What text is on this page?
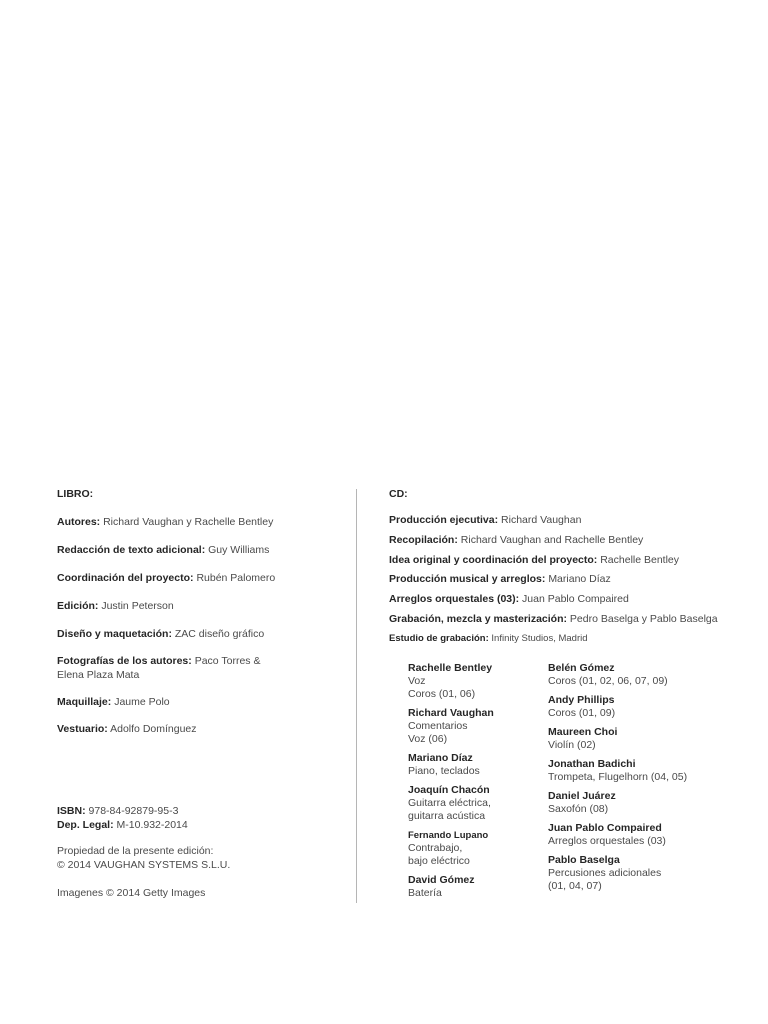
LIBRO:
Autores: Richard Vaughan y Rachelle Bentley
Redacción de texto adicional: Guy Williams
Coordinación del proyecto: Rubén Palomero
Edición: Justin Peterson
Diseño y maquetación: ZAC diseño gráfico
Fotografías de los autores: Paco Torres &
Elena Plaza Mata
Maquillaje: Jaume Polo
Vestuario: Adolfo Domínguez
ISBN: 978-84-92879-95-3
Dep. Legal: M-10.932-2014
Propiedad de la presente edición:
© 2014 VAUGHAN SYSTEMS S.L.U.
Imagenes © 2014 Getty Images
CD:
Producción ejecutiva: Richard Vaughan
Recopilación: Richard Vaughan and Rachelle Bentley
Idea original y coordinación del proyecto: Rachelle Bentley
Producción musical y arreglos: Mariano Díaz
Arreglos orquestales (03): Juan Pablo Compaired
Grabación, mezcla y masterización: Pedro Baselga y Pablo Baselga
Estudio de grabación: Infinity Studios, Madrid
Rachelle Bentley
Voz
Coros (01, 06)
Richard Vaughan
Comentarios
Voz (06)
Mariano Díaz
Piano, teclados
Joaquín Chacón
Guitarra eléctrica,
guitarra acústica
Fernando Lupano
Contrabajo,
bajo eléctrico
David Gómez
Batería
Belén Gómez
Coros (01, 02, 06, 07, 09)
Andy Phillips
Coros (01, 09)
Maureen Choi
Violín (02)
Jonathan Badichi
Trompeta, Flugelhorn (04, 05)
Daniel Juárez
Saxofón (08)
Juan Pablo Compaired
Arreglos orquestales (03)
Pablo Baselga
Percusiones adicionales
(01, 04, 07)
